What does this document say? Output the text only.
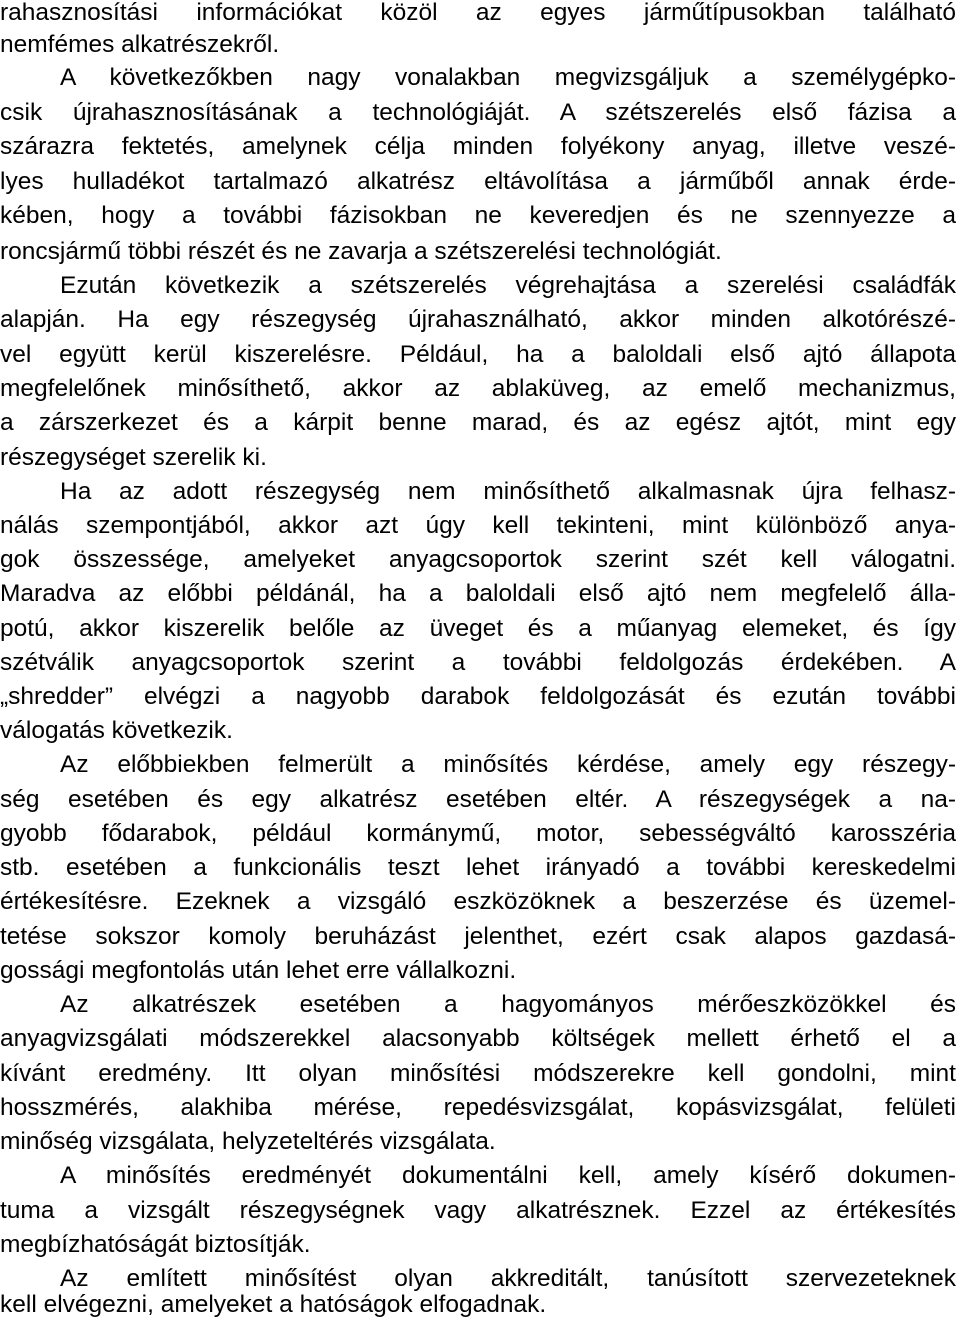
rahasznosítási információkat közöl az egyes járműtípusokban található
nemfémes alkatrészekről.
A következőkben nagy vonalakban megvizsgáljuk a személygépko-
csik újrahasznosításának a technológiáját. A szétszerelés első fázisa a
szárazra fektetés, amelynek célja minden folyékony anyag, illetve veszé-
lyes hulladékot tartalmazó alkatrész eltávolítása a járműből annak érde-
kében, hogy a további fázisokban ne keveredjen és ne szennyezze a
roncsjármű többi részét és ne zavarja a szétszerelési technológiát.
Ezután következik a szétszerelés végrehajtása a szerelési családfák
alapján. Ha egy részegység újrahasználható, akkor minden alkotórészé-
vel együtt kerül kiszerelésre. Például, ha a baloldali első ajtó állapota
megfelelőnek minősíthető, akkor az ablaküveg, az emelő mechanizmus,
a zárszerkezet és a kárpit benne marad, és az egész ajtót, mint egy
részegységet szerelik ki.
Ha az adott részegység nem minősíthető alkalmasnak újra felhasz-
nálás szempontjából, akkor azt úgy kell tekinteni, mint különböző anya-
gok összessége, amelyeket anyagcsoportok szerint szét kell válogatni.
Maradva az előbbi példánál, ha a baloldali első ajtó nem megfelelő álla-
potú, akkor kiszerelik belőle az üveget és a műanyag elemeket, és így
szétválik anyagcsoportok szerint a további feldolgozás érdekében. A
„shredder” elvégzi a nagyobb darabok feldolgozását és ezután további
válogatás következik.
Az előbbiekben felmerült a minősítés kérdése, amely egy részegy-
ség esetében és egy alkatrész esetében eltér. A részegységek a na-
gyobb fődarabok, például kormánymű, motor, sebességváltó karosszéria
stb. esetében a funkcionális teszt lehet irányadó a további kereskedelmi
értékesítésre. Ezeknek a vizsgáló eszközöknek a beszerzése és üzemel-
tetése sokszor komoly beruházást jelenthet, ezért csak alapos gazdasá-
gossági megfontolás után lehet erre vállalkozni.
Az alkatrészek esetében a hagyományos mérőeszközökkel és
anyagvizsgálati módszerekkel alacsonyabb költségek mellett érhető el a
kívánt eredmény. Itt olyan minősítési módszerekre kell gondolni, mint
hosszmérés, alakhiba mérése, repedésvizsgálat, kopásvizsgálat, felületi
minőség vizsgálata, helyzeteltérés vizsgálata.
A minősítés eredményét dokumentálni kell, amely kísérő dokumen-
tuma a vizsgált részegységnek vagy alkatrésznek. Ezzel az értékesítés
megbízhatóságát biztosítják.
Az említett minősítést olyan akkreditált, tanúsított szervezeteknek
kell elvégezni, amelyeket a hatóságok elfogadnak.
